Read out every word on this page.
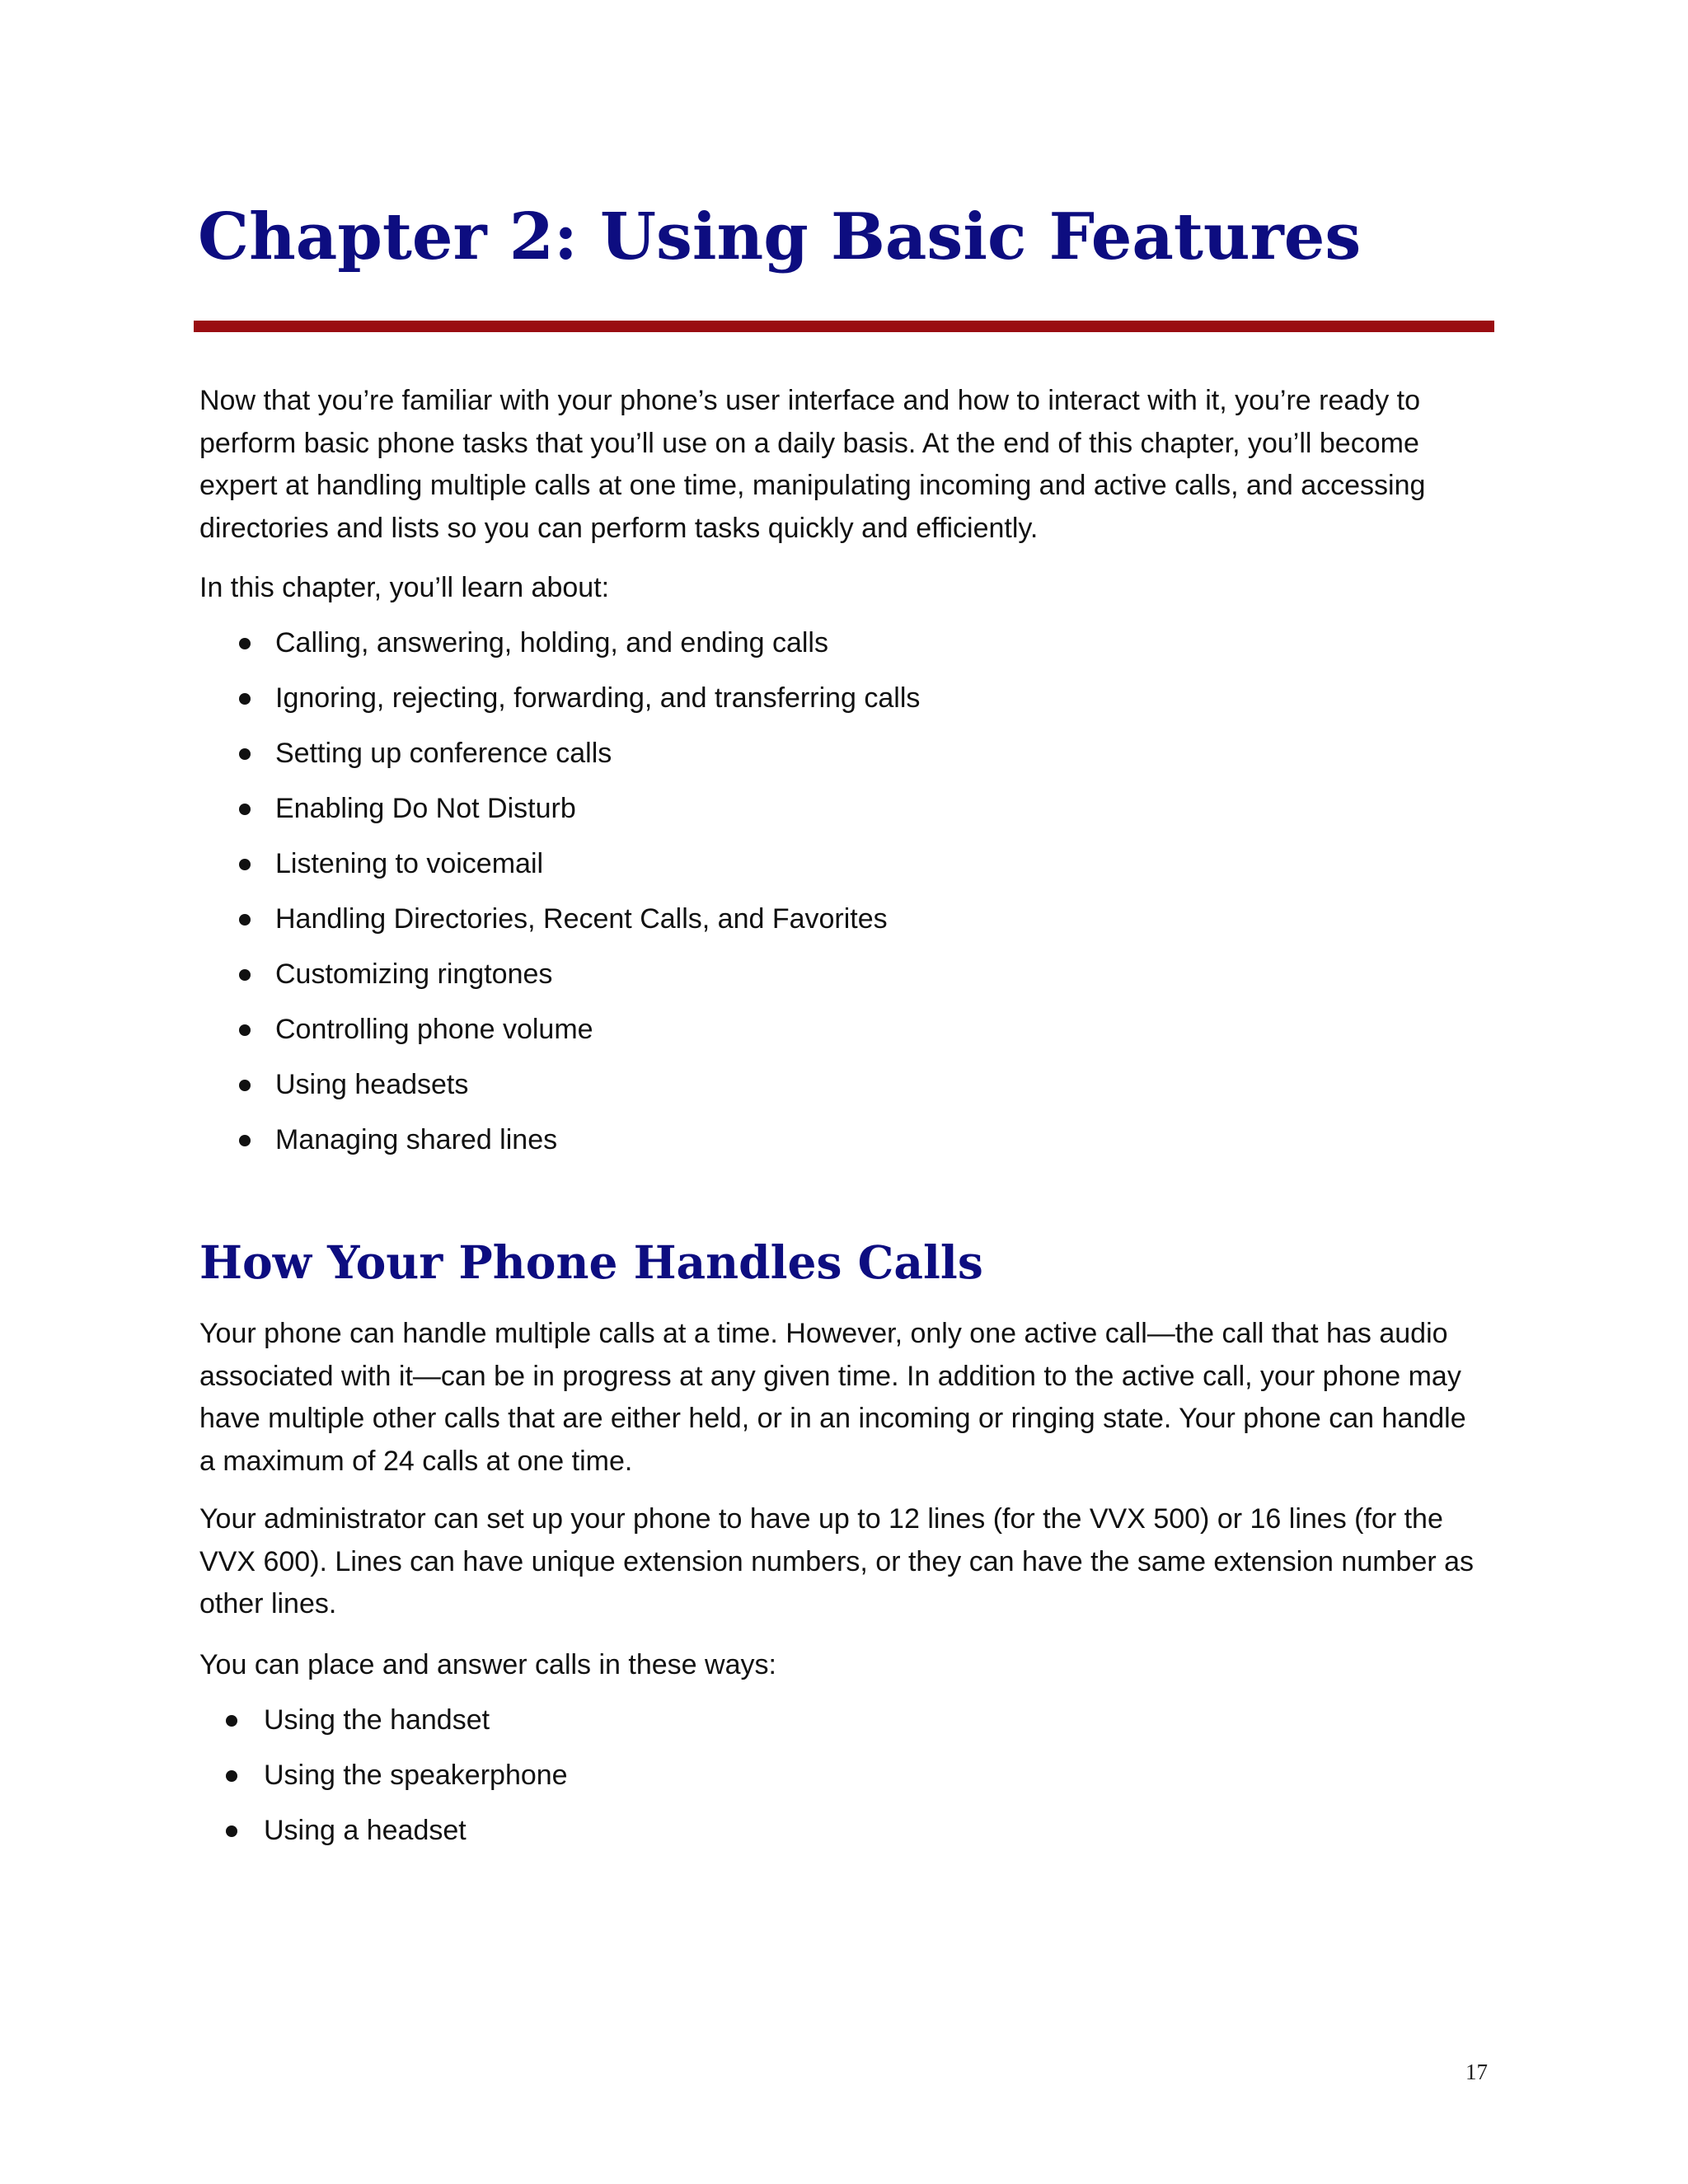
Chapter 2: Using Basic Features

Now that you’re familiar with your phone’s user interface and how to interact with it, you’re ready to perform basic phone tasks that you’ll use on a daily basis. At the end of this chapter, you’ll become expert at handling multiple calls at one time, manipulating incoming and active calls, and accessing directories and lists so you can perform tasks quickly and efficiently.

In this chapter, you’ll learn about:

Calling, answering, holding, and ending calls
Ignoring, rejecting, forwarding, and transferring calls
Setting up conference calls
Enabling Do Not Disturb
Listening to voicemail
Handling Directories, Recent Calls, and Favorites
Customizing ringtones
Controlling phone volume
Using headsets
Managing shared lines
How Your Phone Handles Calls

Your phone can handle multiple calls at a time. However, only one active call—the call that has audio associated with it—can be in progress at any given time. In addition to the active call, your phone may have multiple other calls that are either held, or in an incoming or ringing state. Your phone can handle a maximum of 24 calls at one time.

Your administrator can set up your phone to have up to 12 lines (for the VVX 500) or 16 lines (for the VVX 600). Lines can have unique extension numbers, or they can have the same extension number as other lines.

You can place and answer calls in these ways:

Using the handset
Using the speakerphone
Using a headset
17
